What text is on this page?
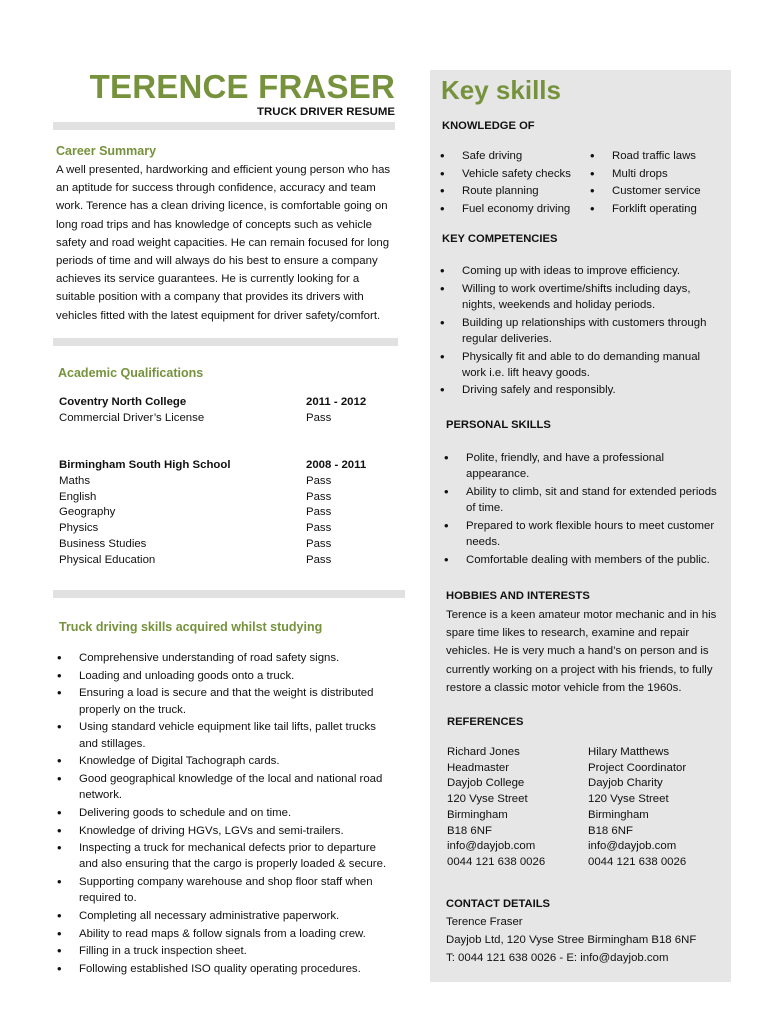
TERENCE FRASER
TRUCK DRIVER RESUME
Career Summary
A well presented, hardworking and efficient young person who has an aptitude for success through confidence, accuracy and team work. Terence has a clean driving licence, is comfortable going on long road trips and has knowledge of concepts such as vehicle safety and road weight capacities. He can remain focused for long periods of time and will always do his best to ensure a company achieves its service guarantees. He is currently looking for a suitable position with a company that provides its drivers with vehicles fitted with the latest equipment for driver safety/comfort.
Academic Qualifications
Coventry North College	2011 - 2012
Commercial Driver’s License	Pass
Birmingham South High School	2008 - 2011
Maths	Pass
English	Pass
Geography	Pass
Physics	Pass
Business Studies	Pass
Physical Education	Pass
Truck driving skills acquired whilst studying
• Comprehensive understanding of road safety signs.
• Loading and unloading goods onto a truck.
• Ensuring a load is secure and that the weight is distributed properly on the truck.
• Using standard vehicle equipment like tail lifts, pallet trucks and stillages.
• Knowledge of Digital Tachograph cards.
• Good geographical knowledge of the local and national road network.
• Delivering goods to schedule and on time.
• Knowledge of driving HGVs, LGVs and semi-trailers.
• Inspecting a truck for mechanical defects prior to departure and also ensuring that the cargo is properly loaded & secure.
• Supporting company warehouse and shop floor staff when required to.
• Completing all necessary administrative paperwork.
• Ability to read maps & follow signals from a loading crew.
• Filling in a truck inspection sheet.
• Following established ISO quality operating procedures.
Key skills
KNOWLEDGE OF
• Safe driving
• Vehicle safety checks
• Route planning
• Fuel economy driving
• Road traffic laws
• Multi drops
• Customer service
• Forklift operating
KEY COMPETENCIES
• Coming up with ideas to improve efficiency.
• Willing to work overtime/shifts including days, nights, weekends and holiday periods.
• Building up relationships with customers through regular deliveries.
• Physically fit and able to do demanding manual work i.e. lift heavy goods.
• Driving safely and responsibly.
PERSONAL SKILLS
• Polite, friendly, and have a professional appearance.
• Ability to climb, sit and stand for extended periods of time.
• Prepared to work flexible hours to meet customer needs.
• Comfortable dealing with members of the public.
HOBBIES AND INTERESTS
Terence is a keen amateur motor mechanic and in his spare time likes to research, examine and repair vehicles. He is very much a hand’s on person and is currently working on a project with his friends, to fully restore a classic motor vehicle from the 1960s.
REFERENCES
Richard Jones
Headmaster
Dayjob College
120 Vyse Street
Birmingham
B18 6NF
info@dayjob.com
0044 121 638 0026
Hilary Matthews
Project Coordinator
Dayjob Charity
120 Vyse Street
Birmingham
B18 6NF
info@dayjob.com
0044 121 638 0026
CONTACT DETAILS
Terence Fraser
Dayjob Ltd, 120 Vyse Stree Birmingham B18 6NF
T: 0044 121 638 0026 - E: info@dayjob.com
